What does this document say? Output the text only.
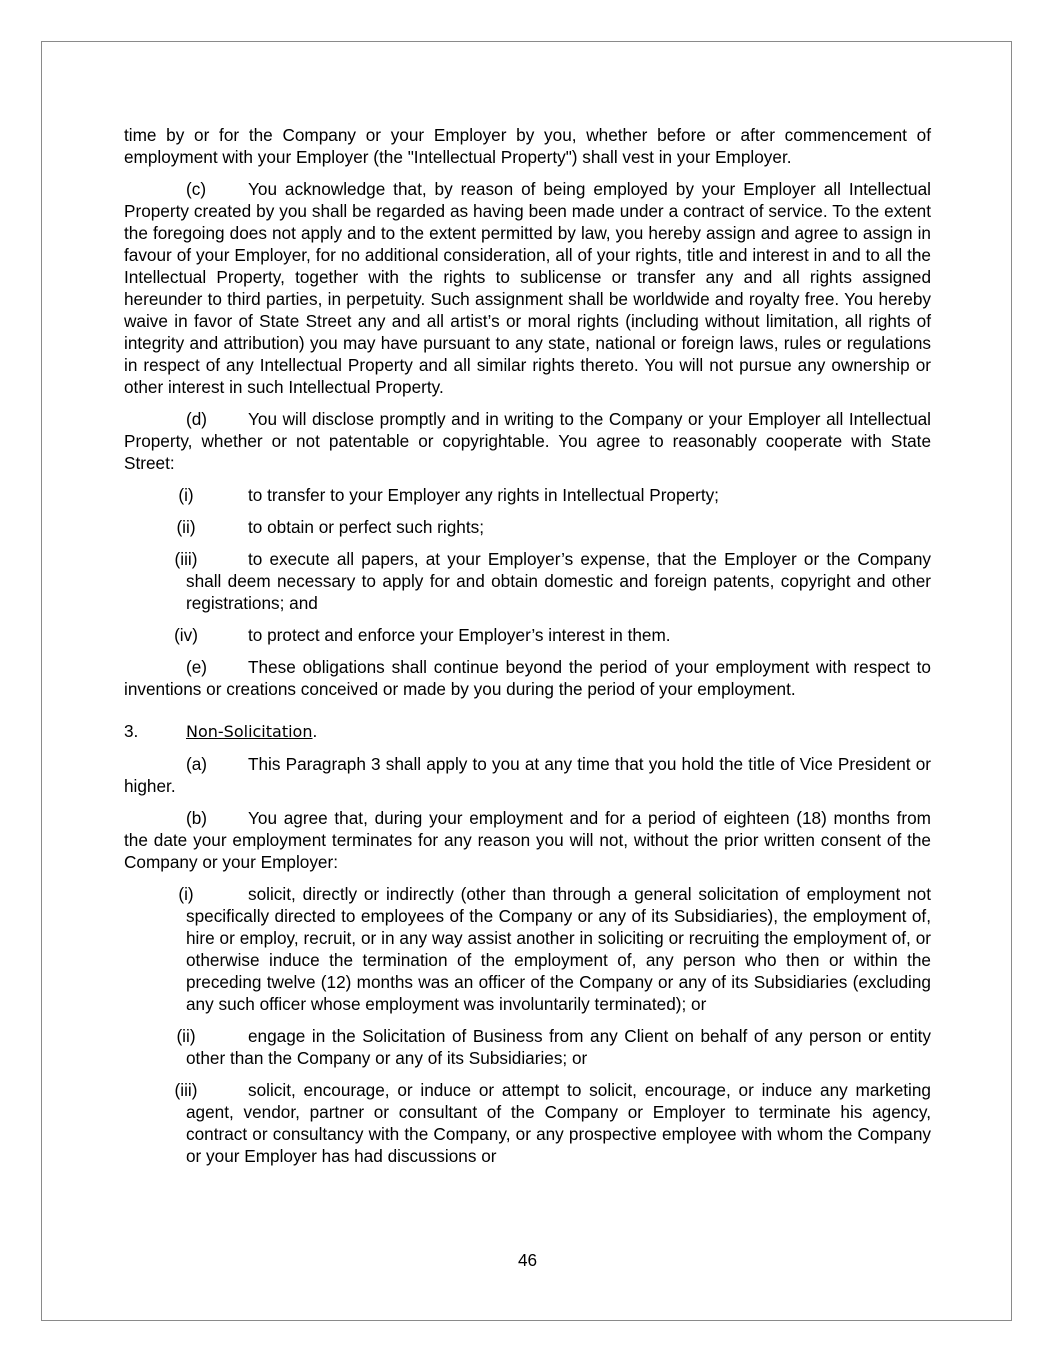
time by or for the Company or your Employer by you, whether before or after commencement of employment with your Employer (the "Intellectual Property") shall vest in your Employer.

(c) You acknowledge that, by reason of being employed by your Employer all Intellectual Property created by you shall be regarded as having been made under a contract of service. To the extent the foregoing does not apply and to the extent permitted by law, you hereby assign and agree to assign in favour of your Employer, for no additional consideration, all of your rights, title and interest in and to all the Intellectual Property, together with the rights to sublicense or transfer any and all rights assigned hereunder to third parties, in perpetuity. Such assignment shall be worldwide and royalty free. You hereby waive in favor of State Street any and all artist’s or moral rights (including without limitation, all rights of integrity and attribution) you may have pursuant to any state, national or foreign laws, rules or regulations in respect of any Intellectual Property and all similar rights thereto. You will not pursue any ownership or other interest in such Intellectual Property.

(d) You will disclose promptly and in writing to the Company or your Employer all Intellectual Property, whether or not patentable or copyrightable. You agree to reasonably cooperate with State Street:

(i)	to transfer to your Employer any rights in Intellectual Property;

(ii)	to obtain or perfect such rights;

(iii)	to execute all papers, at your Employer’s expense, that the Employer or the Company shall deem necessary to apply for and obtain domestic and foreign patents, copyright and other registrations; and

(iv)	to protect and enforce your Employer’s interest in them.

(e) These obligations shall continue beyond the period of your employment with respect to inventions or creations conceived or made by you during the period of your employment.

3.	Non-Solicitation.

(a) This Paragraph 3 shall apply to you at any time that you hold the title of Vice President or higher.

(b) You agree that, during your employment and for a period of eighteen (18) months from the date your employment terminates for any reason you will not, without the prior written consent of the Company or your Employer:

(i)	solicit, directly or indirectly (other than through a general solicitation of employment not specifically directed to employees of the Company or any of its Subsidiaries), the employment of, hire or employ, recruit, or in any way assist another in soliciting or recruiting the employment of, or otherwise induce the termination of the employment of, any person who then or within the preceding twelve (12) months was an officer of the Company or any of its Subsidiaries (excluding any such officer whose employment was involuntarily terminated); or

(ii)	engage in the Solicitation of Business from any Client on behalf of any person or entity other than the Company or any of its Subsidiaries; or

(iii)	solicit, encourage, or induce or attempt to solicit, encourage, or induce any marketing agent, vendor, partner or consultant of the Company or Employer to terminate his agency, contract or consultancy with the Company, or any prospective employee with whom the Company or your Employer has had discussions or

46
